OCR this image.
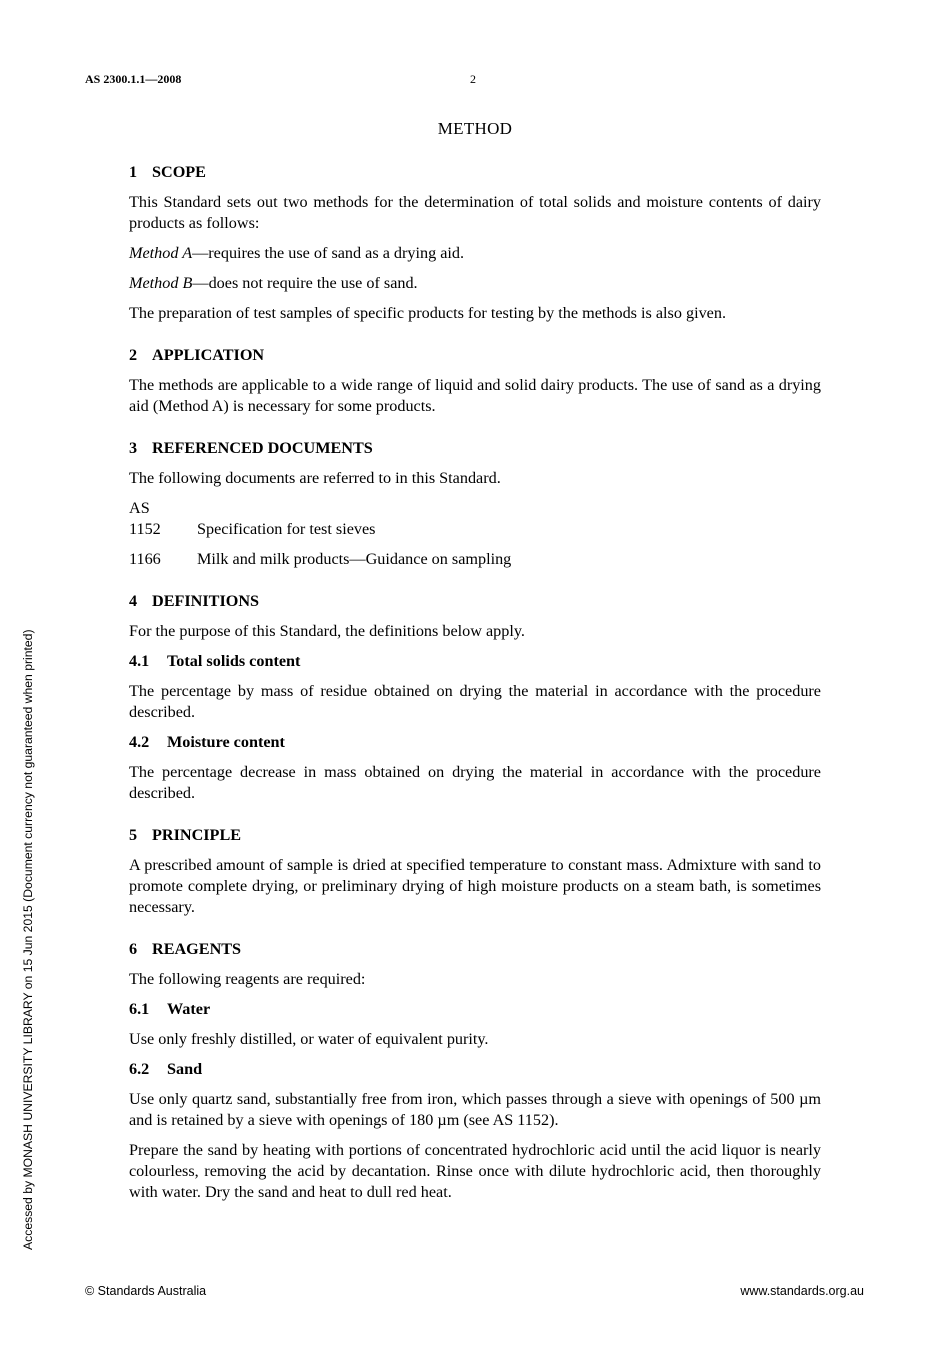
AS 2300.1.1—2008	2
METHOD
1 SCOPE

This Standard sets out two methods for the determination of total solids and moisture contents of dairy products as follows:

Method A—requires the use of sand as a drying aid.

Method B—does not require the use of sand.

The preparation of test samples of specific products for testing by the methods is also given.

2 APPLICATION

The methods are applicable to a wide range of liquid and solid dairy products. The use of sand as a drying aid (Method A) is necessary for some products.

3 REFERENCED DOCUMENTS

The following documents are referred to in this Standard.

AS
1152	Specification for test sieves
1166	Milk and milk products—Guidance on sampling
4 DEFINITIONS

For the purpose of this Standard, the definitions below apply.

4.1 Total solids content

The percentage by mass of residue obtained on drying the material in accordance with the procedure described.

4.2 Moisture content

The percentage decrease in mass obtained on drying the material in accordance with the procedure described.

5 PRINCIPLE

A prescribed amount of sample is dried at specified temperature to constant mass. Admixture with sand to promote complete drying, or preliminary drying of high moisture products on a steam bath, is sometimes necessary.

6 REAGENTS

The following reagents are required:

6.1 Water

Use only freshly distilled, or water of equivalent purity.

6.2 Sand

Use only quartz sand, substantially free from iron, which passes through a sieve with openings of 500 µm and is retained by a sieve with openings of 180 µm (see AS 1152).

Prepare the sand by heating with portions of concentrated hydrochloric acid until the acid liquor is nearly colourless, removing the acid by decantation. Rinse once with dilute hydrochloric acid, then thoroughly with water. Dry the sand and heat to dull red heat.

Accessed by MONASH UNIVERSITY LIBRARY on 15 Jun 2015 (Document currency not guaranteed when printed)
© Standards Australia	www.standards.org.au
